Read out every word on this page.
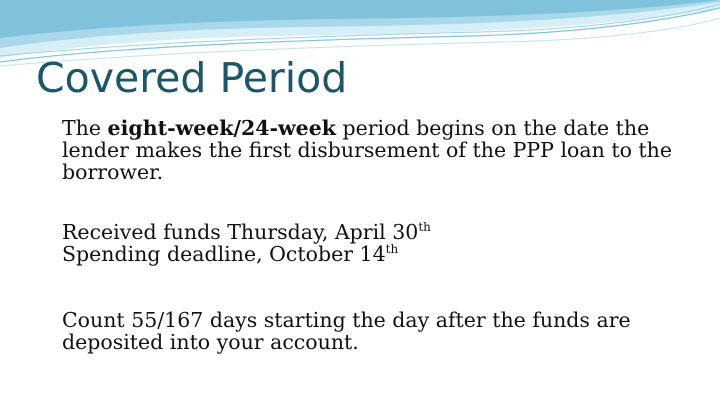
Covered Period
The eight-week/24-week period begins on the date the
lender makes the first disbursement of the PPP loan to the
borrower.
Received funds Thursday, April 30th
Spending deadline, October 14th
Count 55/167 days starting the day after the funds are
deposited into your account.
